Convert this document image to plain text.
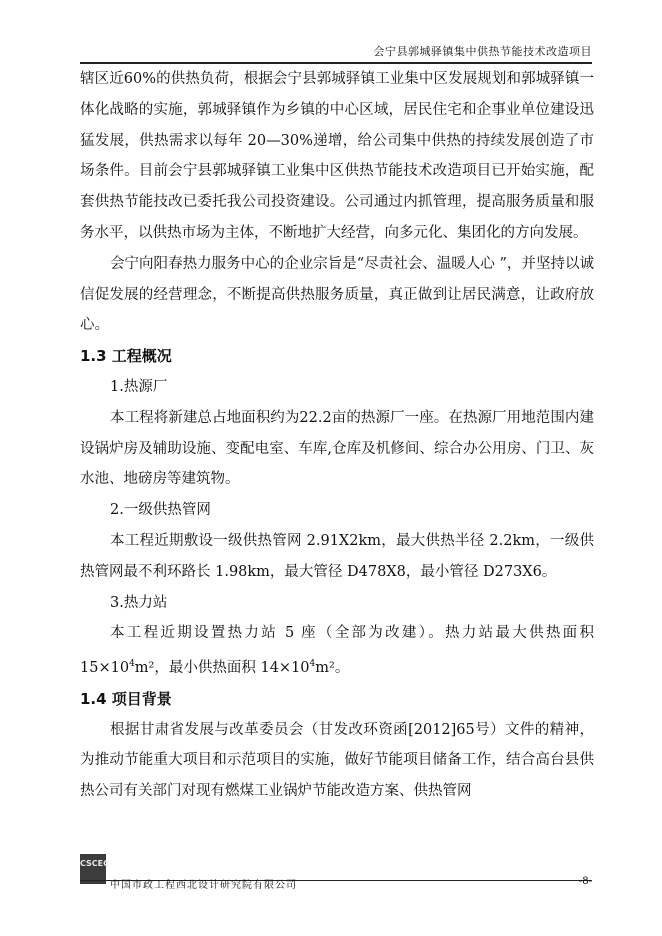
会宁县郭城驿镇集中供热节能技术改造项目

辖区近60%的供热负荷，根据会宁县郭城驿镇工业集中区发展规划和郭城驿镇一体化战略的实施，郭城驿镇作为乡镇的中心区域，居民住宅和企事业单位建设迅猛发展，供热需求以每年 20—30%递增，给公司集中供热的持续发展创造了市场条件。目前会宁县郭城驿镇工业集中区供热节能技术改造项目已开始实施，配套供热节能技改已委托我公司投资建设。公司通过内抓管理，提高服务质量和服务水平，以供热市场为主体，不断地扩大经营，向多元化、集团化的方向发展。

会宁向阳春热力服务中心的企业宗旨是“尽责社会、温暖人心 ”，并坚持以诚信促发展的经营理念，不断提高供热服务质量，真正做到让居民满意，让政府放心。

1.3 工程概况

1.热源厂

本工程将新建总占地面积约为22.2亩的热源厂一座。在热源厂用地范围内建设锅炉房及辅助设施、变配电室、车库,仓库及机修间、综合办公用房、门卫、灰水池、地磅房等建筑物。

2.一级供热管网

本工程近期敷设一级供热管网 2.91X2km，最大供热半径 2.2km，一级供热管网最不利环路长 1.98km，最大管径 D478X8，最小管径 D273X6。

3.热力站

本工程近期设置热力站 5 座（全部为改建）。热力站最大供热面积 $15\times 10^4m^2$，最小供热面积 $14\times 10^4m^2$。

1.4 项目背景

根据甘肃省发展与改革委员会（甘发改环资函[2012]65号）文件的精神，为推动节能重大项目和示范项目的实施，做好节能项目储备工作，结合高台县供热公司有关部门对现有燃煤工业锅炉节能改造方案、供热管网

CSCEC
中国市政工程西北设计研究院有限公司	-8-
